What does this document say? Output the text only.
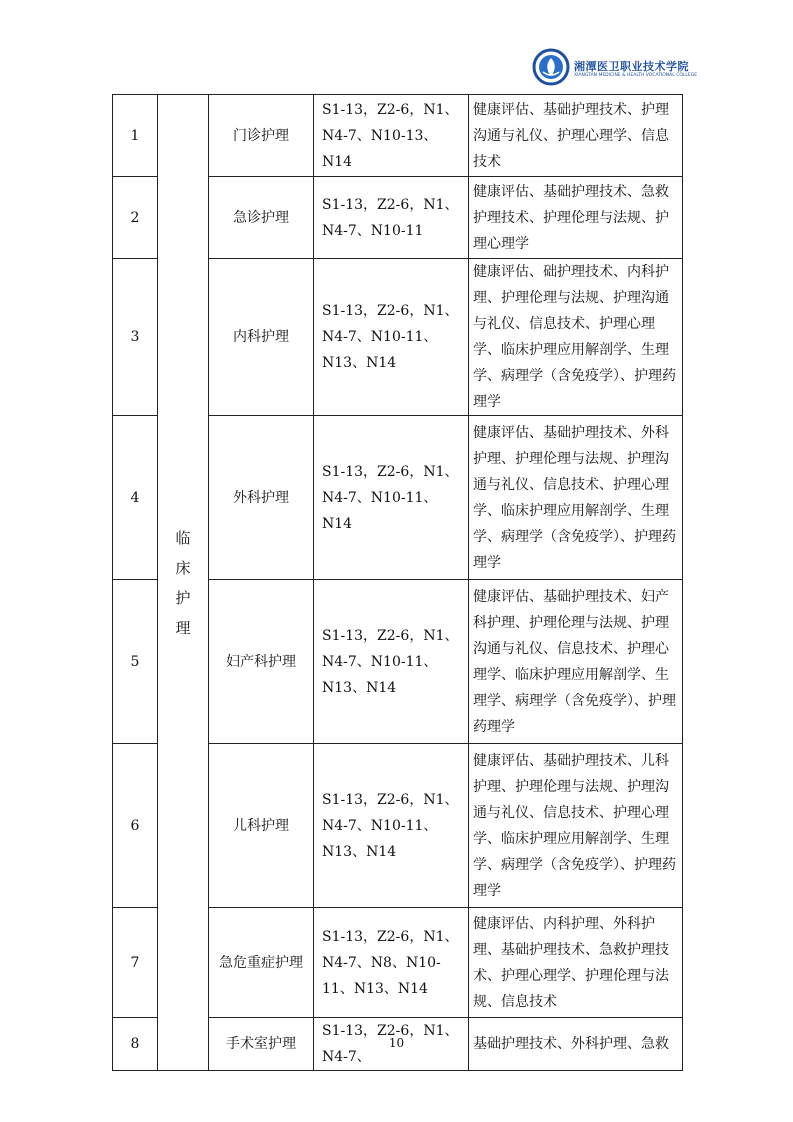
湘潭医卫职业技术学院
XIANGTAN MEDICINE & HEALTH VOCATIONAL COLLEGE
1	临床护理	门诊护理	S1-13，Z2-6，N1、N4-7、N10-13、N14	健康评估、基础护理技术、护理沟通与礼仪、护理心理学、信息技术
2		急诊护理	S1-13，Z2-6，N1、N4-7、N10-11	健康评估、基础护理技术、急救护理技术、护理伦理与法规、护理心理学
3		内科护理	S1-13，Z2-6，N1、N4-7、N10-11、N13、N14	健康评估、础护理技术、内科护理、护理伦理与法规、护理沟通与礼仪、信息技术、护理心理学、临床护理应用解剖学、生理学、病理学（含免疫学）、护理药理学
4		外科护理	S1-13，Z2-6，N1、N4-7、N10-11、N14	健康评估、基础护理技术、外科护理、护理伦理与法规、护理沟通与礼仪、信息技术、护理心理学、临床护理应用解剖学、生理学、病理学（含免疫学）、护理药理学
5		妇产科护理	S1-13，Z2-6，N1、N4-7、N10-11、N13、N14	健康评估、基础护理技术、妇产科护理、护理伦理与法规、护理沟通与礼仪、信息技术、护理心理学、临床护理应用解剖学、生理学、病理学（含免疫学）、护理药理学
6		儿科护理	S1-13，Z2-6，N1、N4-7、N10-11、N13、N14	健康评估、基础护理技术、儿科护理、护理伦理与法规、护理沟通与礼仪、信息技术、护理心理学、临床护理应用解剖学、生理学、病理学（含免疫学）、护理药理学
7		急危重症护理	S1-13，Z2-6，N1、N4-7、N8、N10-11、N13、N14	健康评估、内科护理、外科护理、基础护理技术、急救护理技术、护理心理学、护理伦理与法规、信息技术
8		手术室护理	S1-13，Z2-6，N1、N4-7、	基础护理技术、外科护理、急救
10
